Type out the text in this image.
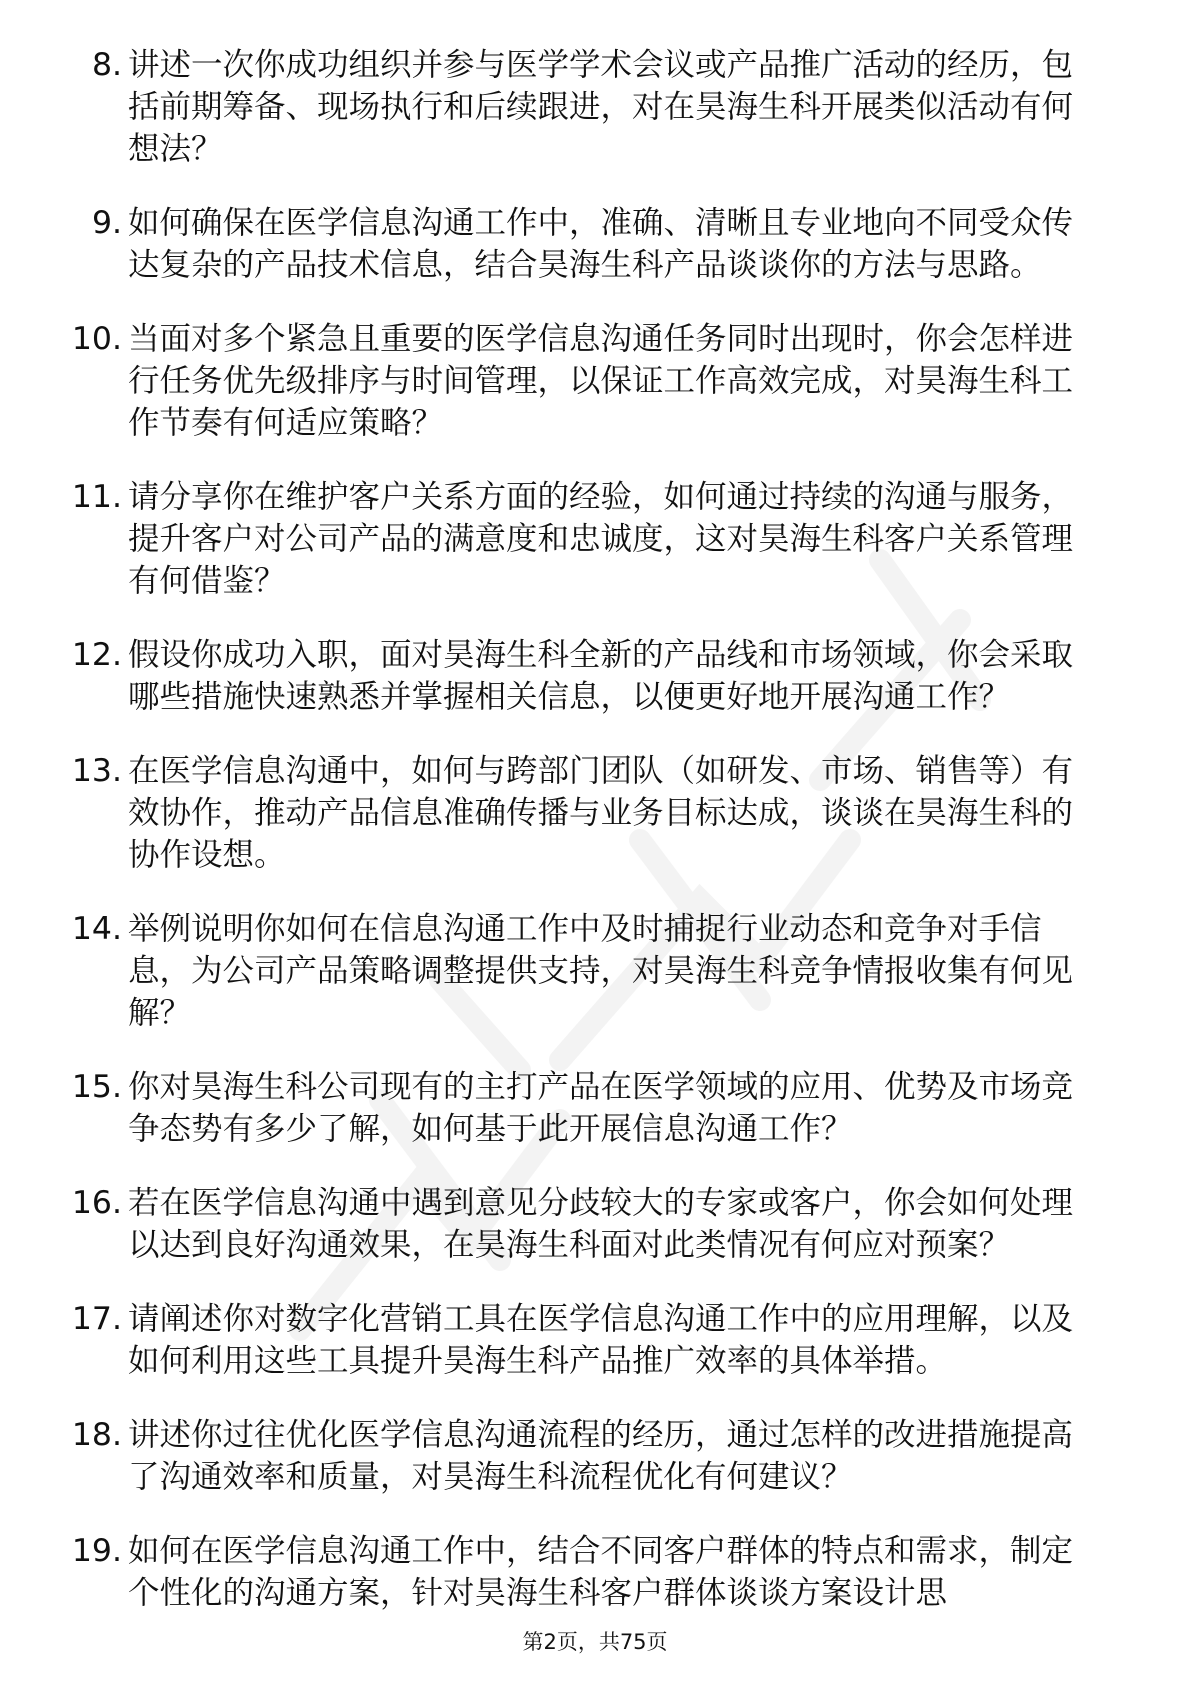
8. 讲述一次你成功组织并参与医学学术会议或产品推广活动的经历，包括前期筹备、现场执行和后续跟进，对在昊海生科开展类似活动有何想法？
9. 如何确保在医学信息沟通工作中，准确、清晰且专业地向不同受众传达复杂的产品技术信息，结合昊海生科产品谈谈你的方法与思路。
10. 当面对多个紧急且重要的医学信息沟通任务同时出现时，你会怎样进行任务优先级排序与时间管理，以保证工作高效完成，对昊海生科工作节奏有何适应策略？
11. 请分享你在维护客户关系方面的经验，如何通过持续的沟通与服务，提升客户对公司产品的满意度和忠诚度，这对昊海生科客户关系管理有何借鉴？
12. 假设你成功入职，面对昊海生科全新的产品线和市场领域，你会采取哪些措施快速熟悉并掌握相关信息，以便更好地开展沟通工作？
13. 在医学信息沟通中，如何与跨部门团队（如研发、市场、销售等）有效协作，推动产品信息准确传播与业务目标达成，谈谈在昊海生科的协作设想。
14. 举例说明你如何在信息沟通工作中及时捕捉行业动态和竞争对手信息，为公司产品策略调整提供支持，对昊海生科竞争情报收集有何见解？
15. 你对昊海生科公司现有的主打产品在医学领域的应用、优势及市场竞争态势有多少了解，如何基于此开展信息沟通工作？
16. 若在医学信息沟通中遇到意见分歧较大的专家或客户，你会如何处理以达到良好沟通效果，在昊海生科面对此类情况有何应对预案？
17. 请阐述你对数字化营销工具在医学信息沟通工作中的应用理解，以及如何利用这些工具提升昊海生科产品推广效率的具体举措。
18. 讲述你过往优化医学信息沟通流程的经历，通过怎样的改进措施提高了沟通效率和质量，对昊海生科流程优化有何建议？
19. 如何在医学信息沟通工作中，结合不同客户群体的特点和需求，制定个性化的沟通方案，针对昊海生科客户群体谈谈方案设计思
第2页，共75页
